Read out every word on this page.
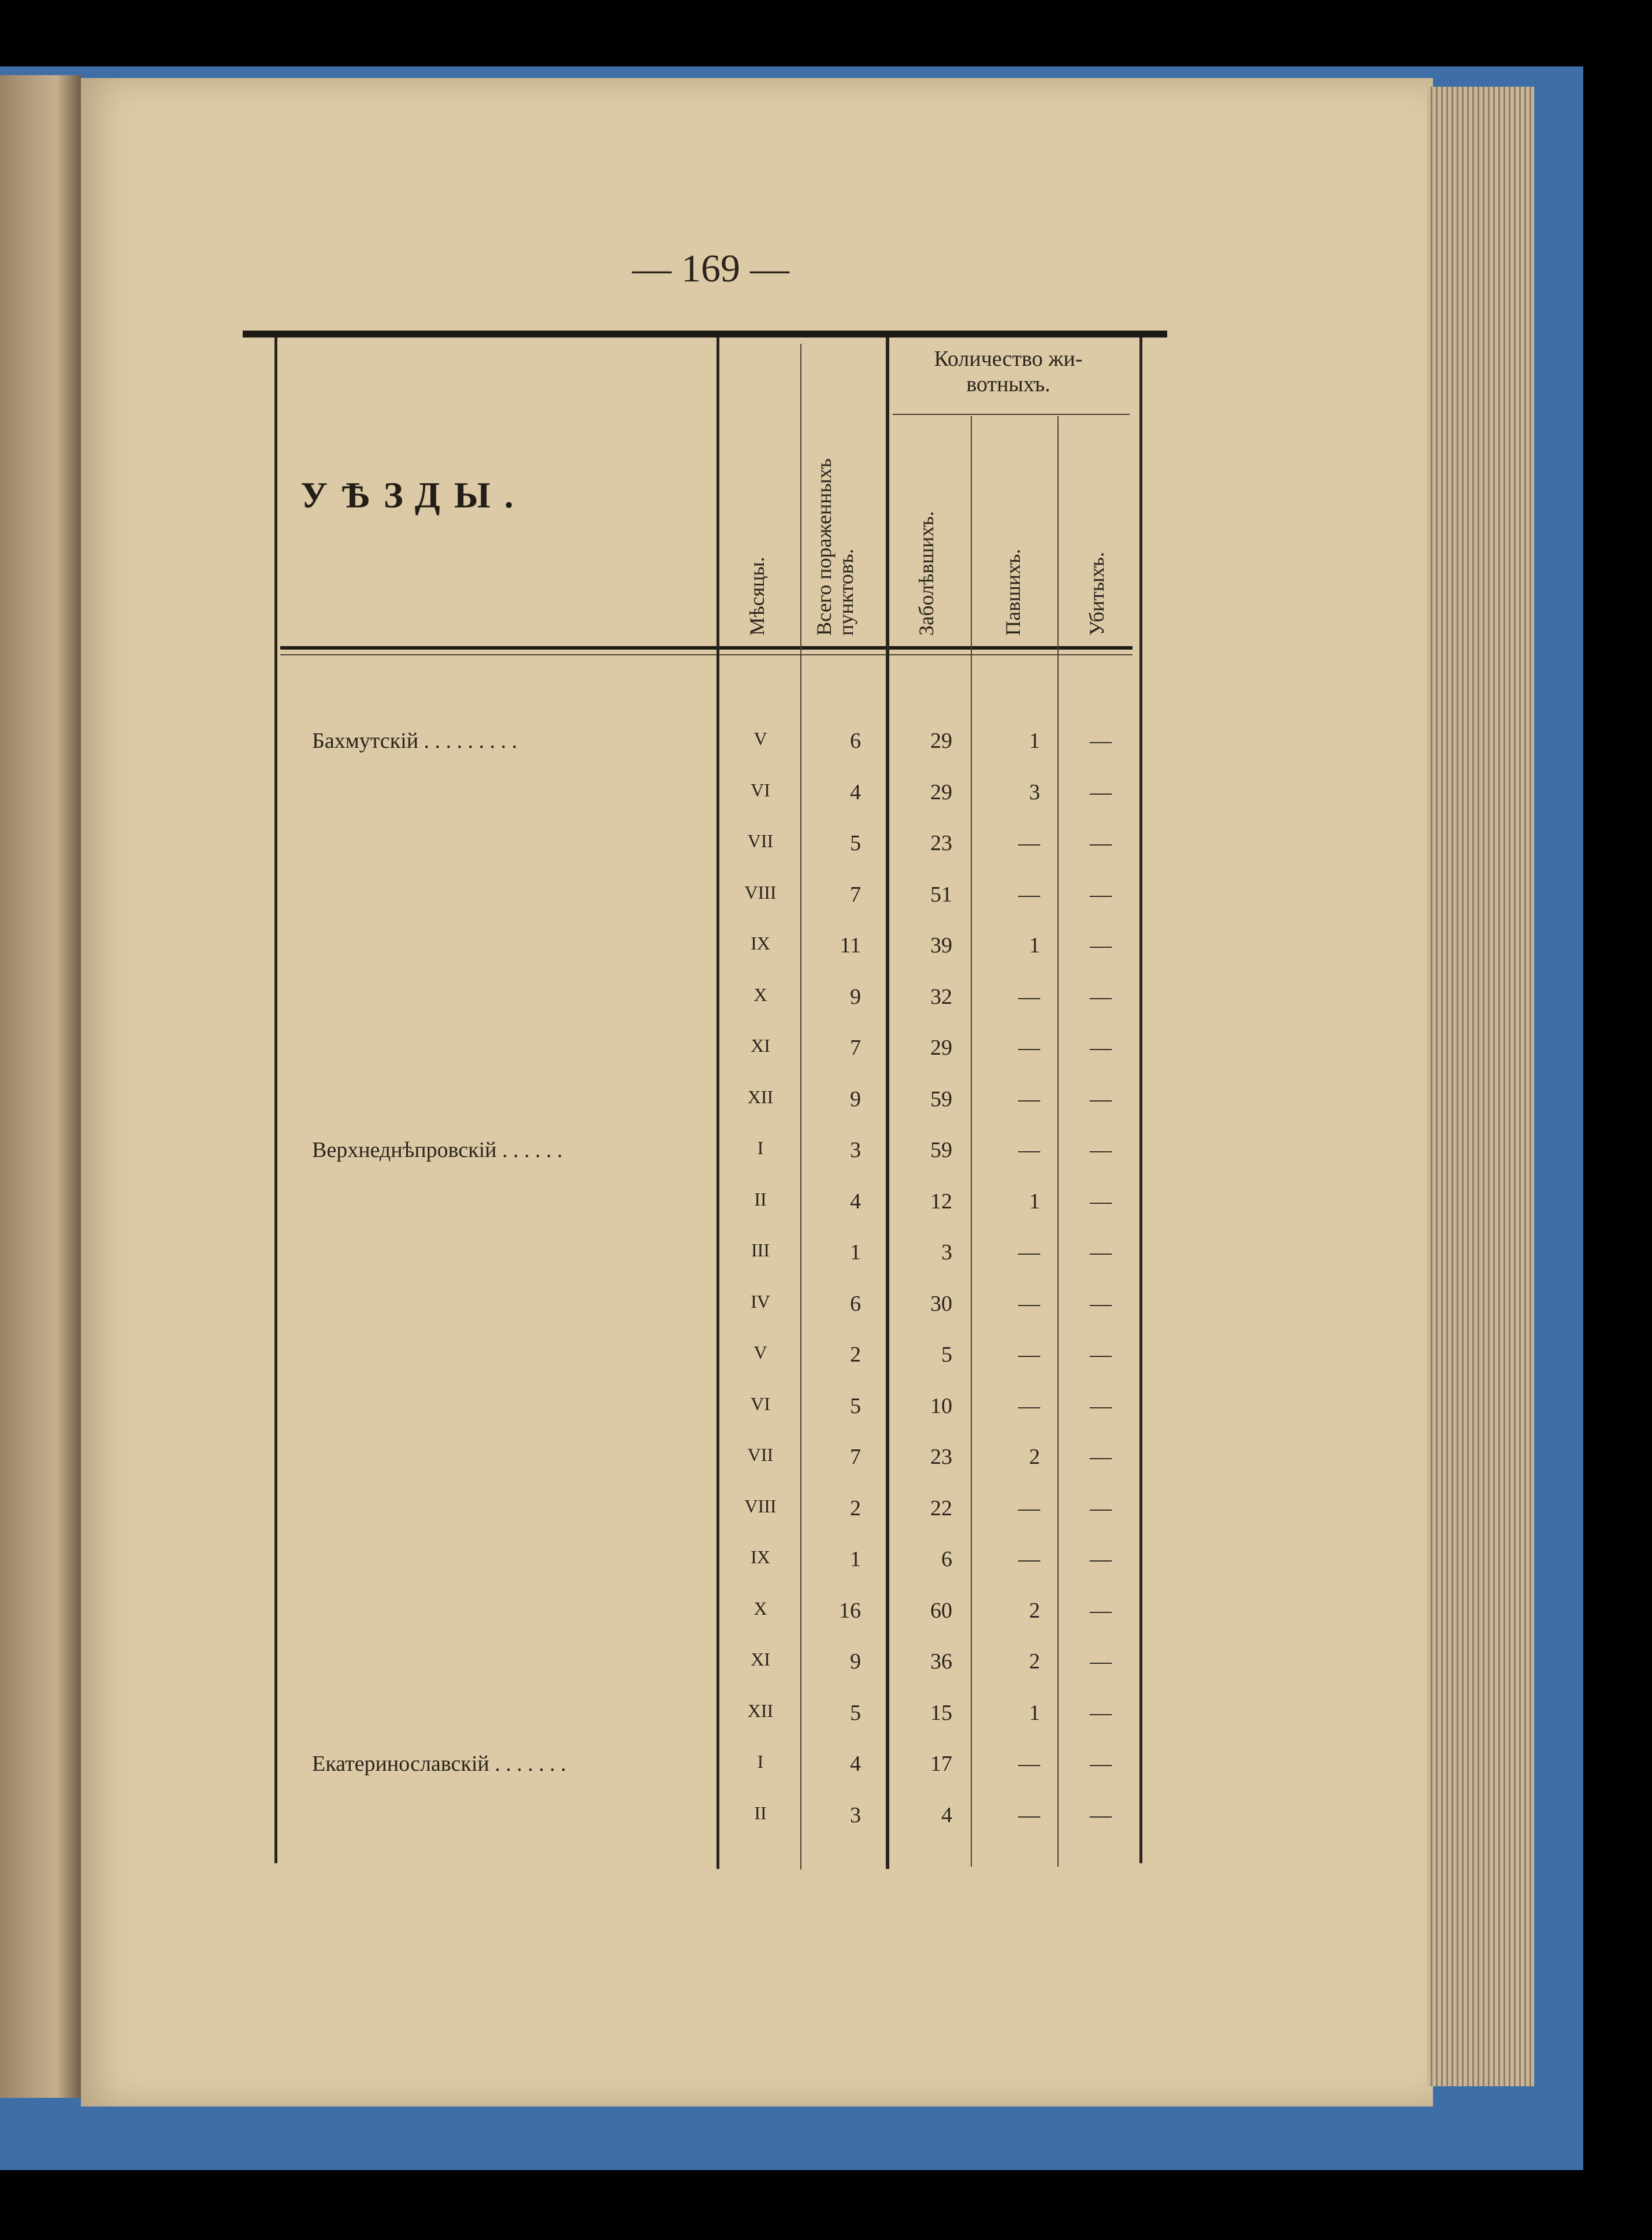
— 169 —
УѢЗДЫ.
Мѣсяцы. Всего пораженныхъ
пунктовъ.
Количество жи- вотныхъ.
Заболѣвшихъ.	Павшихъ.	Убитыхъ.
Бахмутскій . . . . . . . . .	V	6	29	1	—
VI	4	29	3	—
VII	5	23	—	—
VIII	7	51	—	—
IX	11	39	1	—
X	9	32	—	—
XI	7	29	—	—
XII	9	59	—	—
Верхнеднѣпровскій . . . . . .	I	3	59	—	—
II	4	12	1	—
III	1	3	—	—
IV	6	30	—	—
V	2	5	—	—
VI	5	10	—	—
VII	7	23	2	—
VIII	2	22	—	—
IX	1	6	—	—
X	16	60	2	—
XI	9	36	2	—
XII	5	15	1	—
Екатеринославскій . . . . . . .	I	4	17	—	—
II	3	4	—	—
